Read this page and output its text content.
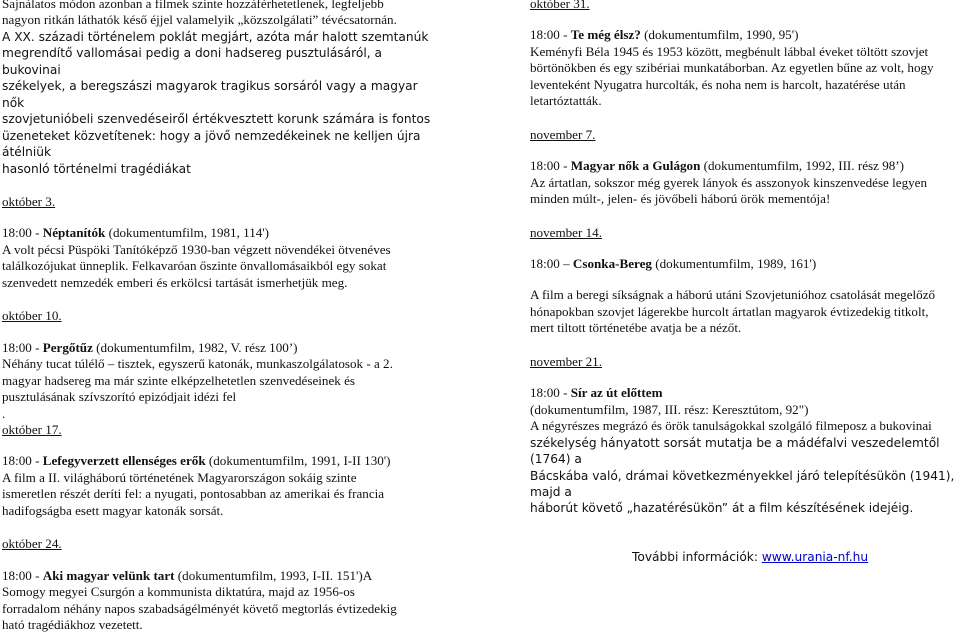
Sajnálatos módon azonban a filmek szinte hozzáférhetetlenek, legfeljebb

nagyon ritkán láthatók késő éjjel valamelyik „közszolgálati” tévécsatornán.

A XX. századi történelem poklát megjárt, azóta már halott szemtanúk

megrendítő vallomásai pedig a doni hadsereg pusztulásáról, a bukovinai

székelyek, a beregszászi magyarok tragikus sorsáról vagy a magyar nők

szovjetunióbeli szenvedéseiről értékvesztett korunk számára is fontos

üzeneteket közvetítenek: hogy a jövő nemzedékeinek ne kelljen újra átélniük

hasonló történelmi tragédiákat

október 3.

18:00 - Néptanítók (dokumentumfilm, 1981, 114')

A volt pécsi Püspöki Tanítóképző 1930-ban végzett növendékei ötvenéves

találkozójukat ünneplik. Felkavaróan őszinte önvallomásaikból egy sokat

szenvedett nemzedék emberi és erkölcsi tartását ismerhetjük meg.

október 10.

18:00 - Pergőtűz (dokumentumfilm, 1982, V. rész 100’)

Néhány tucat túlélő – tisztek, egyszerű katonák, munkaszolgálatosok - a 2.

magyar hadsereg ma már szinte elképzelhetetlen szenvedéseinek és

pusztulásának szívszorító epizódjait idézi fel

.

október 17.

18:00 - Lefegyverzett ellenséges erők (dokumentumfilm, 1991, I-II 130')

A film a II. világháború történetének Magyarországon sokáig szinte

ismeretlen részét deríti fel: a nyugati, pontosabban az amerikai és francia

hadifogságba esett magyar katonák sorsát.

október 24.

18:00 - Aki magyar velünk tart (dokumentumfilm, 1993, I-II. 151')A

Somogy megyei Csurgón a kommunista diktatúra, majd az 1956-os

forradalom néhány napos szabadságélményét követő megtorlás évtizedekig

ható tragédiákhoz vezetett.

október 31.

18:00 - Te még élsz? (dokumentumfilm, 1990, 95')

Keményfi Béla 1945 és 1953 között, megbénult lábbal éveket töltött szovjet

börtönökben és egy szibériai munkatáborban. Az egyetlen bűne az volt, hogy

leventeként Nyugatra hurcolták, és noha nem is harcolt, hazatérése után

letartóztatták.

november 7.

18:00 - Magyar nők a Gulágon (dokumentumfilm, 1992, III. rész 98’)

Az ártatlan, sokszor még gyerek lányok és asszonyok kinszenvedése legyen

minden múlt-, jelen- és jövőbeli háború örök mementója!

november 14.

18:00 – Csonka-Bereg (dokumentumfilm, 1989, 161')

A film a beregi síkságnak a háború utáni Szovjetunióhoz csatolását megelőző

hónapokban szovjet lágerekbe hurcolt ártatlan magyarok évtizedekig titkolt,

mert tiltott történetébe avatja be a nézőt.

november 21.

18:00 - Sír az út előttem

(dokumentumfilm, 1987, III. rész: Keresztútom, 92")

A négyrészes megrázó és örök tanulságokkal szolgáló filmeposz a bukovinai

székelység hányatott sorsát mutatja be a mádéfalvi veszedelemtől (1764) a

Bácskába való, drámai következményekkel járó telepítésükön (1941), majd a

háborút követő „hazatérésükön” át a film készítésének idejéig.

További információk: www.urania-nf.hu
